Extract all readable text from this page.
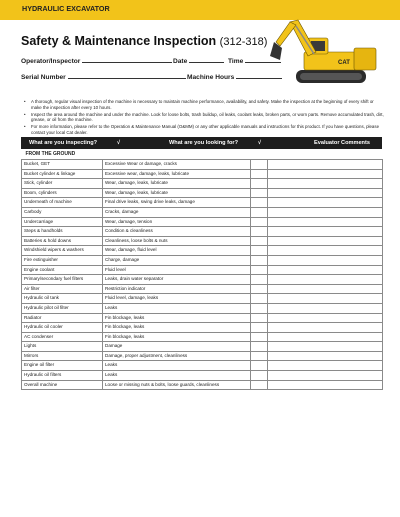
HYDRAULIC EXCAVATOR
CAT
Safety & Maintenance Inspection (312-318)
Operator/Inspector	Date	Time
Serial Number	Machine Hours
• A thorough, regular visual inspection of the machine is necessary to maintain machine performance, availability, and safety. Make the inspection at the beginning of every shift or make the inspection after every 10 hours.
• Inspect the area around the machine and under the machine. Look for loose bolts, trash buildup, oil leaks, coolant leaks, broken parts, or worn parts. Remove accumulated trash, dirt, grease, or oil from the machine.
• For more information, please refer to the Operation & Maintenance Manual (O&MM) or any other applicable manuals and instructions for this product. If you have questions, please contact your local Cat dealer.
What are you inspecting?	√	What are you looking for?	√	Evaluator Comments
FROM THE GROUND			
Bucket, GET	Excessive Wear or damage, cracks		
Bucket cylinder & linkage	Excessive wear, damage, leaks, lubricate		
Stick, cylinder	Wear, damage, leaks, lubricate		
Boom, cylinders	Wear, damage, leaks, lubricate		
Underneath of machine	Final drive leaks, swing drive leaks, damage		
Carbody	Cracks, damage		
Undercarriage	Wear, damage, tension		
Steps & handholds	Condition & cleanliness		
Batteries & hold downs	Cleanliness, loose bolts & nuts		
Windshield wipers & washers	Wear, damage, fluid level		
Fire extinguisher	Charge, damage		
Engine coolant	Fluid level		
Primary/secondary fuel filters	Leaks, drain water separator		
Air filter	Restriction indicator		
Hydraulic oil tank	Fluid level, damage, leaks		
Hydraulic pilot oil filter	Leaks		
Radiator	Fin blockage, leaks		
Hydraulic oil cooler	Fin blockage, leaks		
AC condenser	Fin blockage, leaks		
Lights	Damage		
Mirrors	Damage, proper adjustment, cleanliness		
Engine oil filter	Leaks		
Hydraulic oil filters	Leaks		
Overall machine	Loose or missing nuts & bolts, loose guards, cleanliness		
